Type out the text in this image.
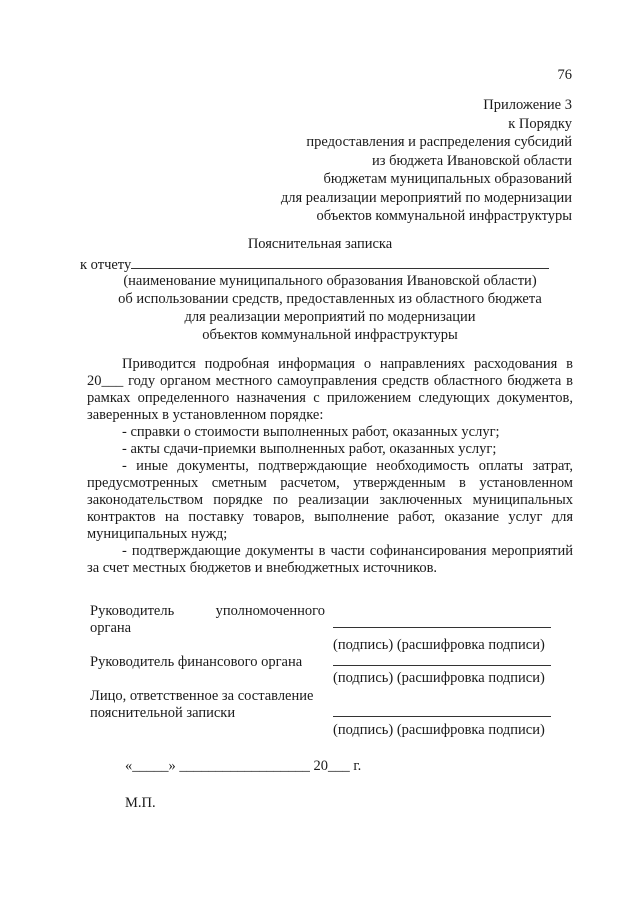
76
Приложение 3
к Порядку
предоставления и распределения субсидий
из бюджета Ивановской области
бюджетам муниципальных образований
для реализации мероприятий по модернизации
объектов коммунальной инфраструктуры
Пояснительная записка
к отчету
(наименование муниципального образования Ивановской области)
об использовании средств, предоставленных из областного бюджета
для реализации мероприятий по модернизации
объектов коммунальной инфраструктуры

Приводится подробная информация о направлениях расходования в 20___ году органом местного самоуправления средств областного бюджета в рамках определенного назначения с приложением следующих документов, заверенных в установленном порядке:

- справки о стоимости выполненных работ, оказанных услуг;

- акты сдачи-приемки выполненных работ, оказанных услуг;

- иные документы, подтверждающие необходимость оплаты затрат, предусмотренных сметным расчетом, утвержденным в установленном законодательством порядке по реализации заключенных муниципальных контрактов на поставку товаров, выполнение работ, оказание услуг для муниципальных нужд;

- подтверждающие документы в части софинансирования мероприятий за счет местных бюджетов и внебюджетных источников.

Руководитель уполномоченного
органа
(подпись) (расшифровка подписи)
Руководитель финансового органа
(подпись) (расшифровка подписи)
Лицо, ответственное за составление
пояснительной записки
(подпись) (расшифровка подписи)
«_____» __________________ 20___ г.
М.П.
